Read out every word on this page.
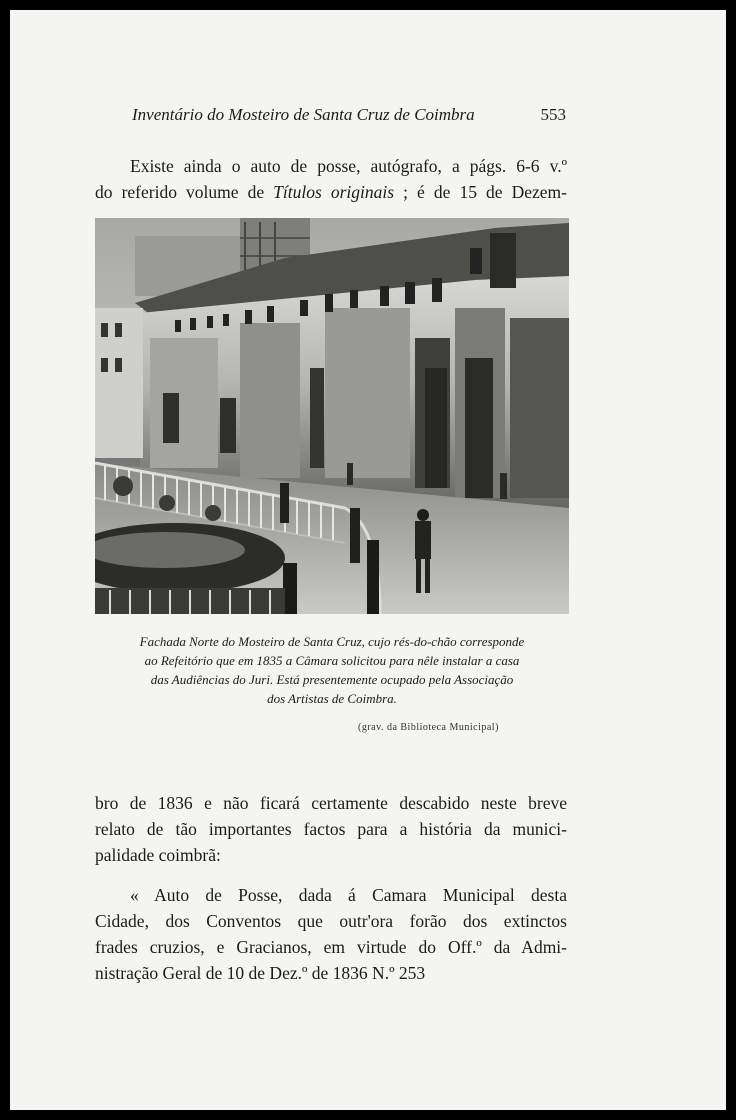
Inventário do Mosteiro de Santa Cruz de Coimbra	553
Existe ainda o auto de posse, autógrafo, a págs. 6-6 v.º
do referido volume de Títulos originais ; é de 15 de Dezem-
Fachada Norte do Mosteiro de Santa Cruz, cujo rés-do-chão corresponde
ao Refeitório que em 1835 a Câmara solicitou para nêle instalar a casa
das Audiências do Juri. Está presentemente ocupado pela Associação
dos Artistas de Coimbra.
(grav. da Biblioteca Municipal)
bro de 1836 e não ficará certamente descabido neste breve
relato de tão importantes factos para a história da munici-
palidade coimbrã:
« Auto de Posse, dada á Camara Municipal desta
Cidade, dos Conventos que outr'ora forão dos extinctos
frades cruzios, e Gracianos, em virtude do Off.º da Admi-
nistração Geral de 10 de Dez.º de 1836 N.º 253
